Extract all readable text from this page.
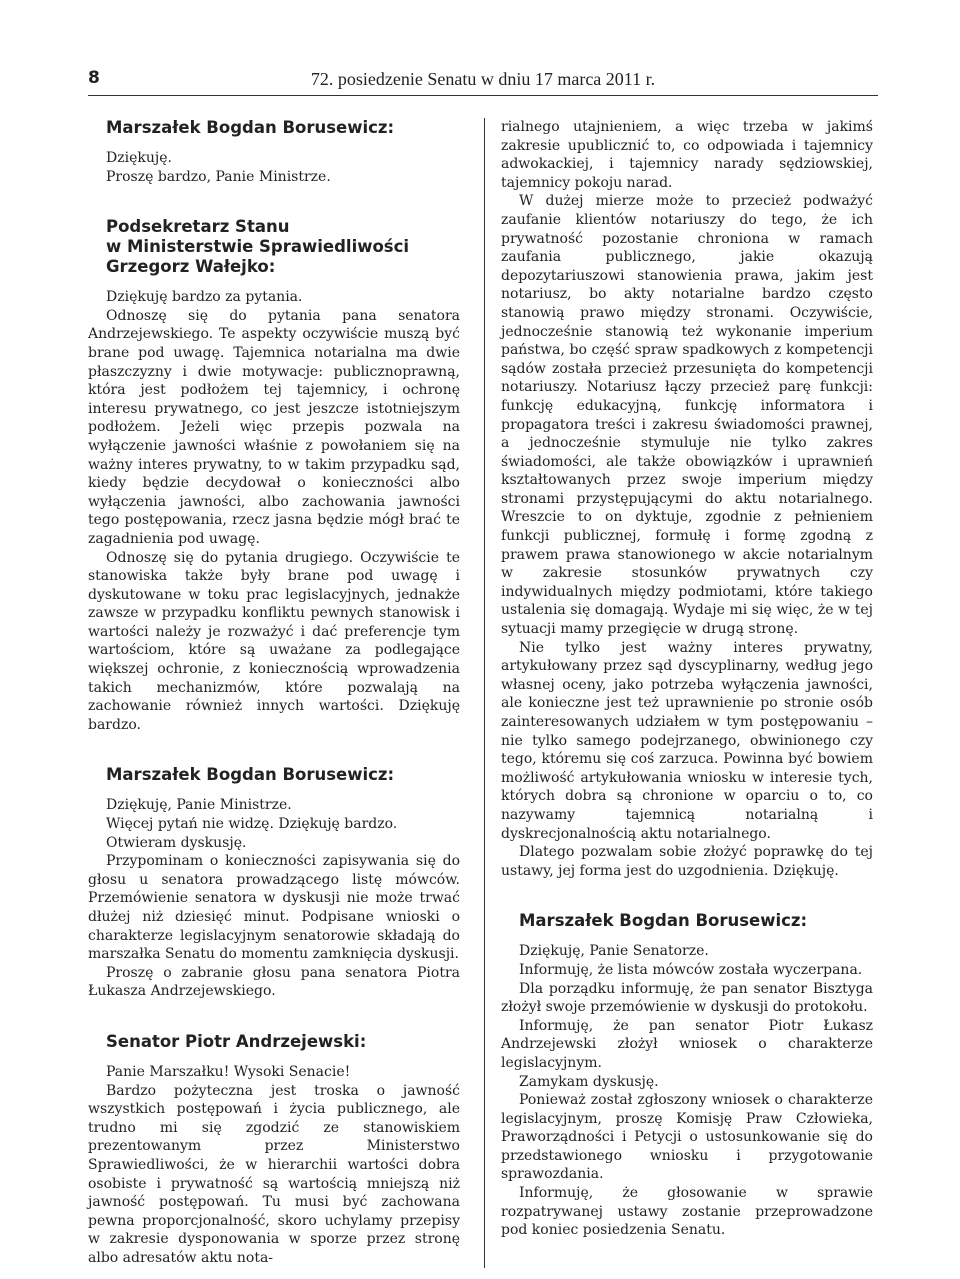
8	72. posiedzenie Senatu w dniu 17 marca 2011 r.
Marszałek Bogdan Borusewicz:

Dziękuję.

Proszę bardzo, Panie Ministrze.

Podsekretarz Stanu
w Ministerstwie Sprawiedliwości
Grzegorz Wałejko:

Dziękuję bardzo za pytania.

Odnoszę się do pytania pana senatora Andrzejewskiego. Te aspekty oczywiście muszą być brane pod uwagę. Tajemnica notarialna ma dwie płaszczyzny i dwie motywacje: publicznoprawną, która jest podłożem tej tajemnicy, i ochronę interesu prywatnego, co jest jeszcze istotniejszym podłożem. Jeżeli więc przepis pozwala na wyłączenie jawności właśnie z powołaniem się na ważny interes prywatny, to w takim przypadku sąd, kiedy będzie decydował o konieczności albo wyłączenia jawności, albo zachowania jawności tego postępowania, rzecz jasna będzie mógł brać te zagadnienia pod uwagę.

Odnoszę się do pytania drugiego. Oczywiście te stanowiska także były brane pod uwagę i dyskutowane w toku prac legislacyjnych, jednakże zawsze w przypadku konfliktu pewnych stanowisk i wartości należy je rozważyć i dać preferencje tym wartościom, które są uważane za podlegające większej ochronie, z koniecznością wprowadzenia takich mechanizmów, które pozwalają na zachowanie również innych wartości. Dziękuję bardzo.

Marszałek Bogdan Borusewicz:

Dziękuję, Panie Ministrze.

Więcej pytań nie widzę. Dziękuję bardzo.

Otwieram dyskusję.

Przypominam o konieczności zapisywania się do głosu u senatora prowadzącego listę mówców. Przemówienie senatora w dyskusji nie może trwać dłużej niż dziesięć minut. Podpisane wnioski o charakterze legislacyjnym senatorowie składają do marszałka Senatu do momentu zamknięcia dyskusji.

Proszę o zabranie głosu pana senatora Piotra Łukasza Andrzejewskiego.

Senator Piotr Andrzejewski:

Panie Marszałku! Wysoki Senacie!

Bardzo pożyteczna jest troska o jawność wszystkich postępowań i życia publicznego, ale trudno mi się zgodzić ze stanowiskiem prezentowanym przez Ministerstwo Sprawiedliwości, że w hierarchii wartości dobra osobiste i prywatność są wartością mniejszą niż jawność postępowań. Tu musi być zachowana pewna proporcjonalność, skoro uchylamy przepisy w zakresie dysponowania w sporze przez stronę albo adresatów aktu nota-

rialnego utajnieniem, a więc trzeba w jakimś zakresie upublicznić to, co odpowiada i tajemnicy adwokackiej, i tajemnicy narady sędziowskiej, tajemnicy pokoju narad.

W dużej mierze może to przecież podważyć zaufanie klientów notariuszy do tego, że ich prywatność pozostanie chroniona w ramach zaufania publicznego, jakie okazują depozytariuszowi stanowienia prawa, jakim jest notariusz, bo akty notarialne bardzo często stanowią prawo między stronami. Oczywiście, jednocześnie stanowią też wykonanie imperium państwa, bo część spraw spadkowych z kompetencji sądów została przecież przesunięta do kompetencji notariuszy. Notariusz łączy przecież parę funkcji: funkcję edukacyjną, funkcję informatora i propagatora treści i zakresu świadomości prawnej, a jednocześnie stymuluje nie tylko zakres świadomości, ale także obowiązków i uprawnień kształtowanych przez swoje imperium między stronami przystępującymi do aktu notarialnego. Wreszcie to on dyktuje, zgodnie z pełnieniem funkcji publicznej, formułę i formę zgodną z prawem prawa stanowionego w akcie notarialnym w zakresie stosunków prywatnych czy indywidualnych między podmiotami, które takiego ustalenia się domagają. Wydaje mi się więc, że w tej sytuacji mamy przegięcie w drugą stronę.

Nie tylko jest ważny interes prywatny, artykułowany przez sąd dyscyplinarny, według jego własnej oceny, jako potrzeba wyłączenia jawności, ale konieczne jest też uprawnienie po stronie osób zainteresowanych udziałem w tym postępowaniu – nie tylko samego podejrzanego, obwinionego czy tego, któremu się coś zarzuca. Powinna być bowiem możliwość artykułowania wniosku w interesie tych, których dobra są chronione w oparciu o to, co nazywamy tajemnicą notarialną i dyskrecjonalnością aktu notarialnego.

Dlatego pozwalam sobie złożyć poprawkę do tej ustawy, jej forma jest do uzgodnienia. Dziękuję.

Marszałek Bogdan Borusewicz:

Dziękuję, Panie Senatorze.

Informuję, że lista mówców została wyczerpana.

Dla porządku informuję, że pan senator Bisztyga złożył swoje przemówienie w dyskusji do protokołu.

Informuję, że pan senator Piotr Łukasz Andrzejewski złożył wniosek o charakterze legislacyjnym.

Zamykam dyskusję.

Ponieważ został zgłoszony wniosek o charakterze legislacyjnym, proszę Komisję Praw Człowieka, Praworządności i Petycji o ustosunkowanie się do przedstawionego wniosku i przygotowanie sprawozdania.

Informuję, że głosowanie w sprawie rozpatrywanej ustawy zostanie przeprowadzone pod koniec posiedzenia Senatu.
